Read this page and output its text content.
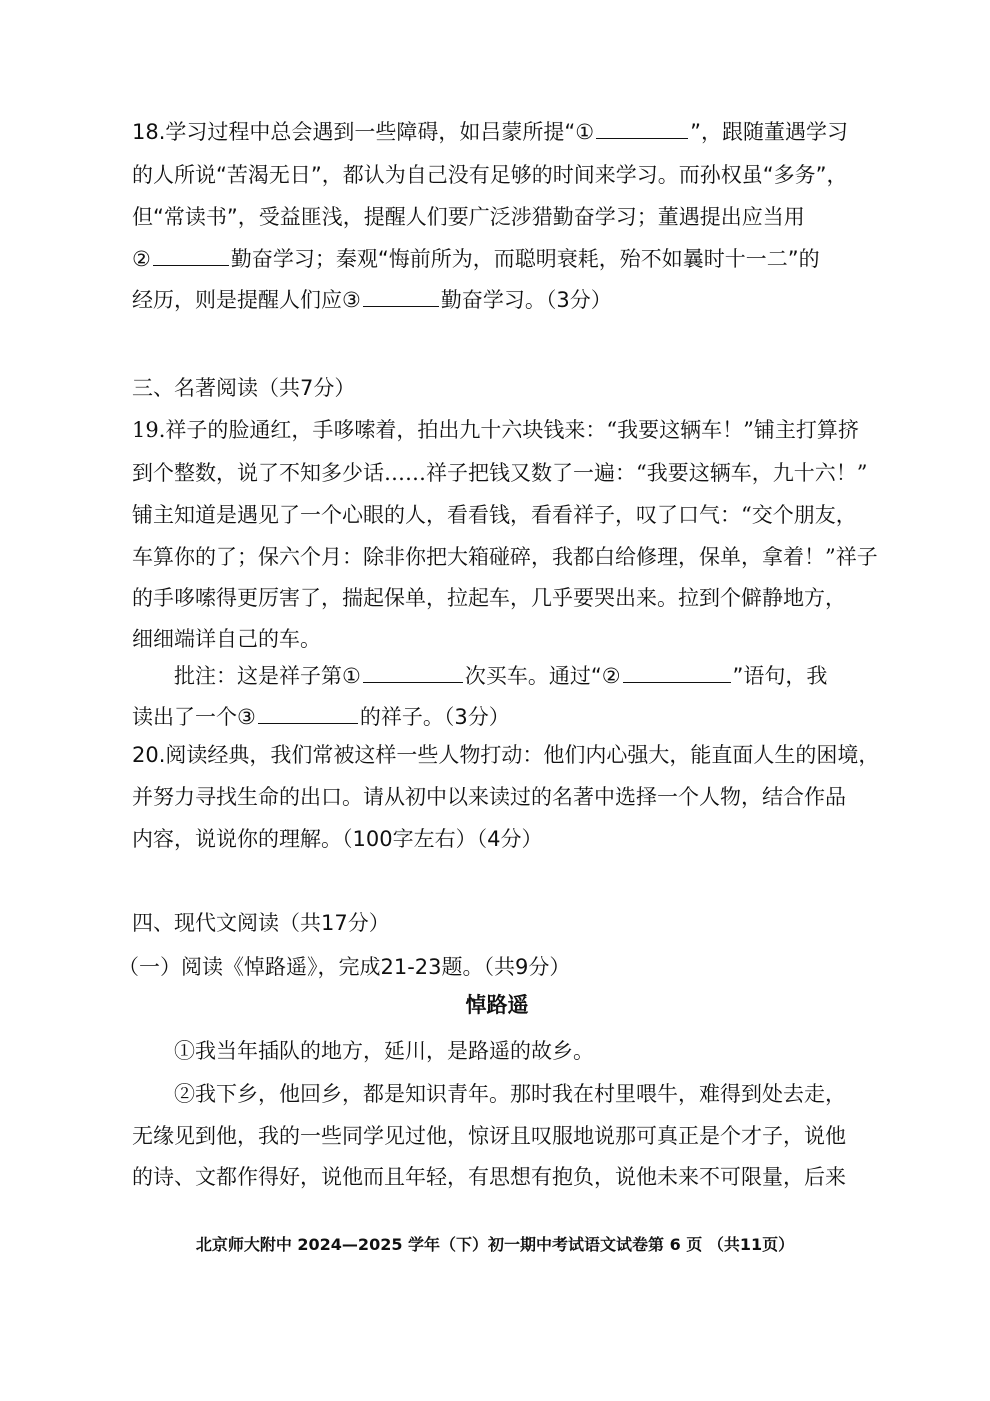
18.学习过程中总会遇到一些障碍，如吕蒙所提“①	”，跟随董遇学习
的人所说“苦渴无日”，都认为自己没有足够的时间来学习。而孙权虽“多务”，
但“常读书”，受益匪浅，提醒人们要广泛涉猎勤奋学习；董遇提出应当用
②	勤奋学习；秦观“悔前所为，而聪明衰耗，殆不如曩时十一二”的
经历，则是提醒人们应③	勤奋学习。（3分）
三、名著阅读（共7分）
19.祥子的脸通红，手哆嗦着，拍出九十六块钱来：“我要这辆车！”铺主打算挤
到个整数，说了不知多少话……祥子把钱又数了一遍：“我要这辆车，九十六！”
铺主知道是遇见了一个心眼的人，看看钱，看看祥子，叹了口气：“交个朋友，
车算你的了；保六个月：除非你把大箱碰碎，我都白给修理，保单，拿着！”祥子
的手哆嗦得更厉害了，揣起保单，拉起车，几乎要哭出来。拉到个僻静地方，
细细端详自己的车。
批注：这是祥子第①	次买车。通过“②	”语句，我
读出了一个③	的祥子。（3分）
20.阅读经典，我们常被这样一些人物打动：他们内心强大，能直面人生的困境，
并努力寻找生命的出口。请从初中以来读过的名著中选择一个人物，结合作品
内容，说说你的理解。（100字左右）（4分）
四、现代文阅读（共17分）
（一）阅读《悼路遥》，完成21-23题。（共9分）
悼路遥
①我当年插队的地方，延川，是路遥的故乡。
②我下乡，他回乡，都是知识青年。那时我在村里喂牛，难得到处去走，
无缘见到他，我的一些同学见过他，惊讶且叹服地说那可真正是个才子，说他
的诗、文都作得好，说他而且年轻，有思想有抱负，说他未来不可限量，后来
北京师大附中 2024—2025 学年（下）初一期中考试语文试卷第 6 页 （共11页）
